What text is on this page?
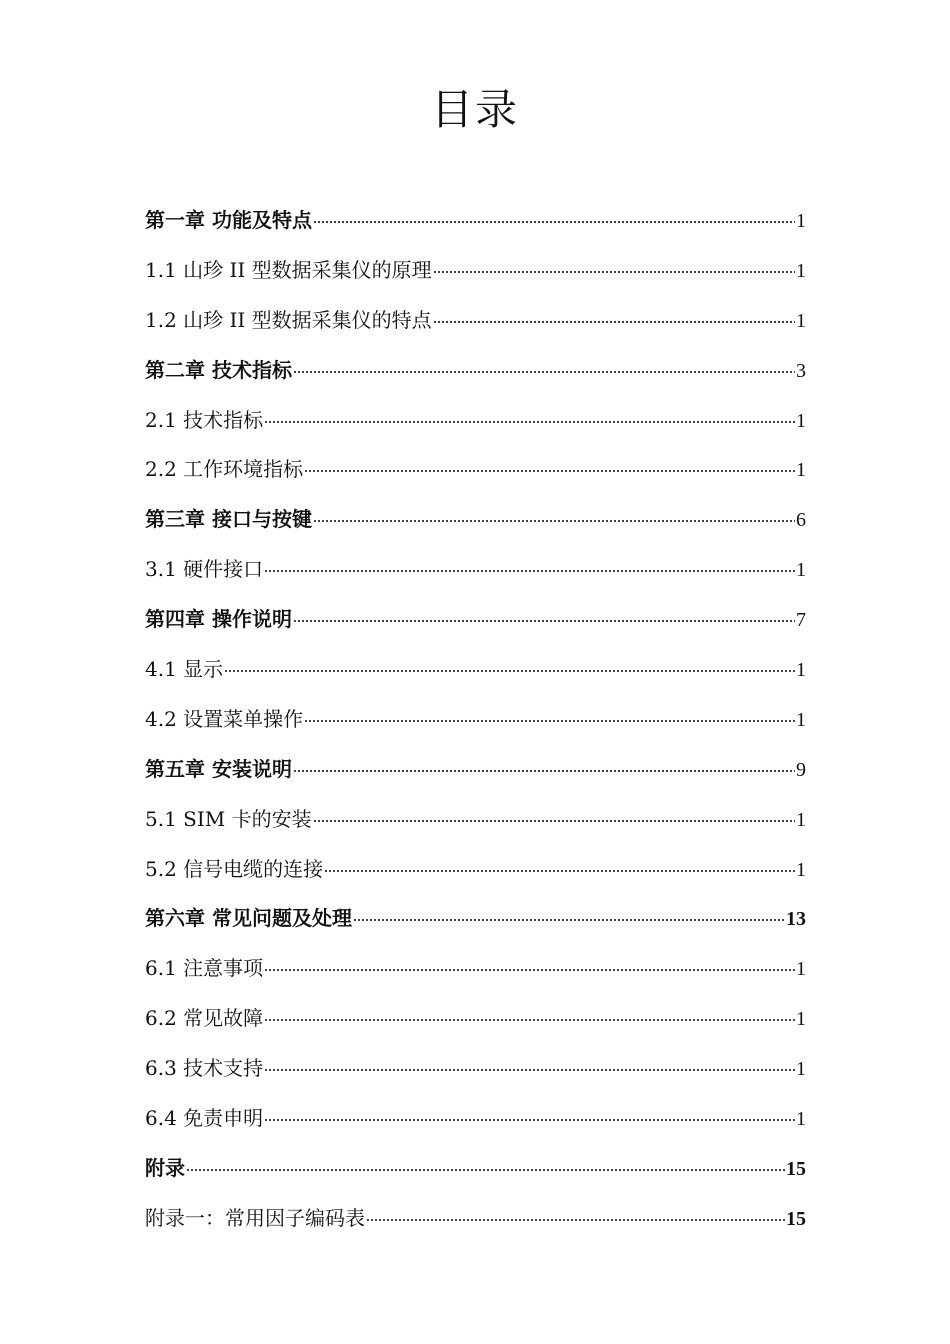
目录
第一章 功能及特点	1
1.1 山珍 II 型数据采集仪的原理	1
1.2 山珍 II 型数据采集仪的特点	1
第二章 技术指标	3
2.1 技术指标	1
2.2 工作环境指标	1
第三章 接口与按键	6
3.1 硬件接口	1
第四章 操作说明	7
4.1 显示	1
4.2 设置菜单操作	1
第五章 安装说明	9
5.1 SIM 卡的安装	1
5.2 信号电缆的连接	1
第六章 常见问题及处理	13
6.1 注意事项	1
6.2 常见故障	1
6.3 技术支持	1
6.4 免责申明	1
附录	15
附录一：常用因子编码表	15
